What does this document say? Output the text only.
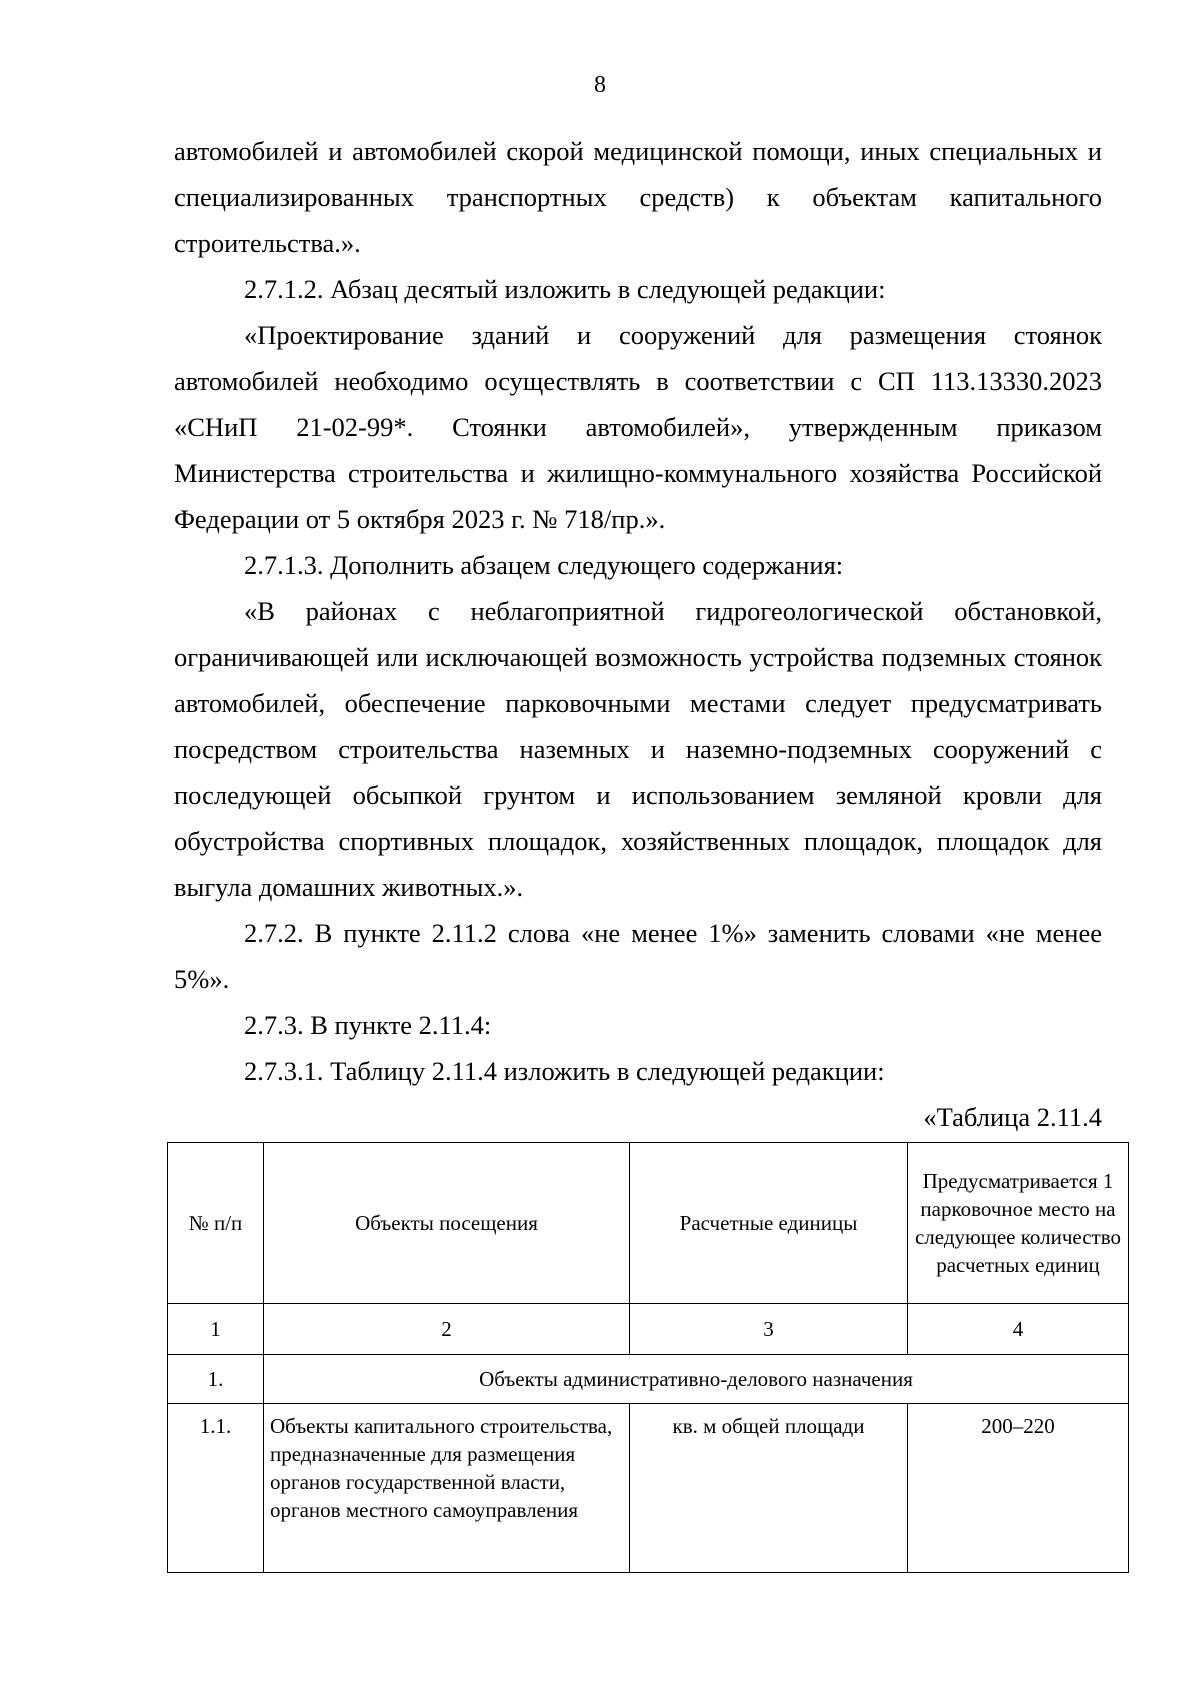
8

автомобилей и автомобилей скорой медицинской помощи, иных специальных и специализированных транспортных средств) к объектам капитального строительства.».

2.7.1.2. Абзац десятый изложить в следующей редакции:

«Проектирование зданий и сооружений для размещения стоянок автомобилей необходимо осуществлять в соответствии с СП 113.13330.2023 «СНиП 21-02-99*. Стоянки автомобилей», утвержденным приказом Министерства строительства и жилищно-коммунального хозяйства Российской Федерации от 5 октября 2023 г. № 718/пр.».

2.7.1.3. Дополнить абзацем следующего содержания:

«В районах с неблагоприятной гидрогеологической обстановкой, ограничивающей или исключающей возможность устройства подземных стоянок автомобилей, обеспечение парковочными местами следует предусматривать посредством строительства наземных и наземно-подземных сооружений с последующей обсыпкой грунтом и использованием земляной кровли для обустройства спортивных площадок, хозяйственных площадок, площадок для выгула домашних животных.».

2.7.2. В пункте 2.11.2 слова «не менее 1%» заменить словами «не менее 5%».

2.7.3. В пункте 2.11.4:

2.7.3.1. Таблицу 2.11.4 изложить в следующей редакции:

«Таблица 2.11.4

№ п/п	Объекты посещения	Расчетные единицы	Предусматривается 1 парковочное место на следующее количество расчетных единиц
1	2	3	4
1.	Объекты административно-делового назначения		
1.1.	Объекты капитального строительства, предназначенные для размещения органов государственной власти, органов местного самоуправления	кв. м общей площади	200–220
